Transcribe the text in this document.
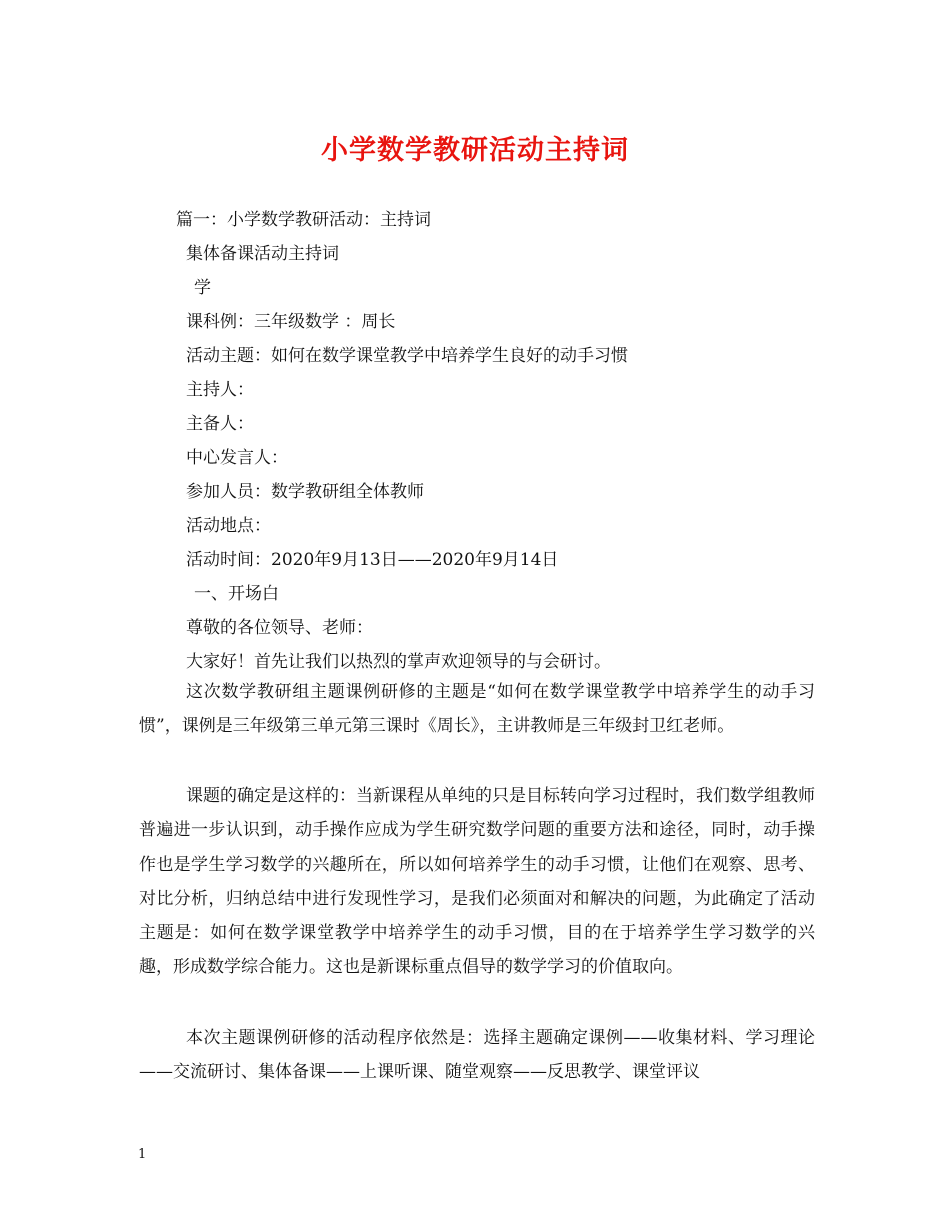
小学数学教研活动主持词
篇一：小学数学教研活动：主持词
集体备课活动主持词
学
课科例：三年级数学 ：周长
活动主题：如何在数学课堂教学中培养学生良好的动手习惯
主持人：
主备人：
中心发言人：
参加人员：数学教研组全体教师
活动地点：
活动时间：2020年9月13日——2020年9月14日
一、开场白
尊敬的各位领导、老师：
大家好！首先让我们以热烈的掌声欢迎领导的与会研讨。
这次数学教研组主题课例研修的主题是“如何在数学课堂教学中培养学生的动手习惯”，课例是三年级第三单元第三课时《周长》，主讲教师是三年级封卫红老师。
课题的确定是这样的：当新课程从单纯的只是目标转向学习过程时，我们数学组教师普遍进一步认识到，动手操作应成为学生研究数学问题的重要方法和途径，同时，动手操作也是学生学习数学的兴趣所在，所以如何培养学生的动手习惯，让他们在观察、思考、对比分析，归纳总结中进行发现性学习，是我们必须面对和解决的问题，为此确定了活动主题是：如何在数学课堂教学中培养学生的动手习惯，目的在于培养学生学习数学的兴趣，形成数学综合能力。这也是新课标重点倡导的数学学习的价值取向。
本次主题课例研修的活动程序依然是：选择主题确定课例——收集材料、学习理论——交流研讨、集体备课——上课听课、随堂观察——反思教学、课堂评议
1
